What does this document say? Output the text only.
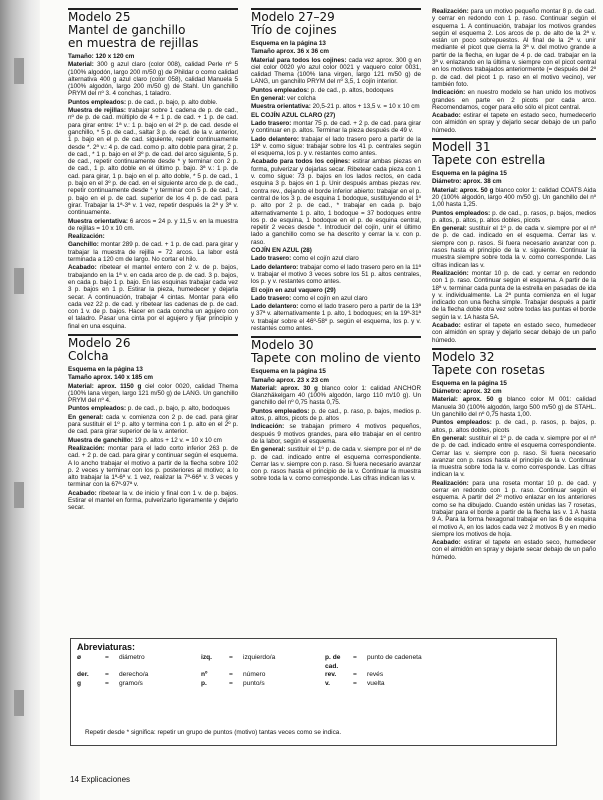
Modelo 25
Mantel de ganchillo
en muestra de rejillas

Tamaño: 120 x 120 cm

Material: 300 g azul claro (color 008), calidad Perle nº 5 (100% algodón, largo 200 m/50 g) de Phildar o como calidad alternativa 400 g azul claro (color 058), calidad Manuela 5 (100% algodón, largo 200 m/50 g) de Stahl. Un ganchillo PRYM del nº 3. 4 conchas, 1 taladro.

Puntos empleados: p. de cad., p. bajo, p. alto doble.

Muestra de rejillas: trabajar sobre 1 cadena de p. de cad., nº de p. de cad. múltiplo de 4 + 1 p. de cad. + 1 p. de cad. para girar entre: 1ª v.: 1 p. bajo en el 2º p. de cad. desde el ganchillo, * 5 p. de cad., saltar 3 p. de cad. de la v. anterior, 1 p. bajo en el p. de cad. siguiente, repetir continuamente desde *. 2ª v.: 4 p. de cad. como p. alto doble para girar, 2 p. de cad., * 1 p. bajo en el 3º p. de cad. del arco siguiente, 5 p. de cad., repetir continuamente desde * y terminar con 2 p. de cad., 1 p. alto doble en el último p. bajo. 3ª v.: 1 p. de cad. para girar, 1 p. bajo en el p. alto doble, * 5 p. de cad., 1 p. bajo en el 3º p. de cad. en el siguiente arco de p. de cad., repetir continuamente desde * y terminar con 5 p. de cad., 1 p. bajo en el p. de cad. superior de los 4 p. de cad. para girar. Trabajar la 1ª-3ª v. 1 vez, repetir después la 2ª y 3ª v. continuamente.

Muestra orientativa: 6 arcos = 24 p. y 11,5 v. en la muestra de rejillas = 10 x 10 cm.

Realización:

Ganchillo: montar 289 p. de cad. + 1 p. de cad. para girar y trabajar la muestra de rejilla = 72 arcos. La labor está terminada a 120 cm de largo. No cortar el hilo.

Acabado: ribetear el mantel entero con 2 v. de p. bajos, trabajando en la 1ª v. en cada arco de p. de cad. 3 p. bajos, en cada p. bajo 1 p. bajo. En las esquinas trabajar cada vez 3 p. bajos en 1 p. Estirar la pieza, humedecer y dejarla secar. A continuación, trabajar 4 cintas. Montar para ello cada vez 22 p. de cad. y ribetear las cadenas de p. de cad. con 1 v. de p. bajos. Hacer en cada concha un agujero con el taladro. Pasar una cinta por el agujero y fijar principio y final en una esquina.

Modelo 26
Colcha

Esquema en la página 13

Tamaño aprox. 140 x 185 cm

Material: aprox. 1150 g ciel color 0020, calidad Thema (100% lana virgen, largo 121 m/50 g) de LANG. Un ganchillo PRYM del nº 4.

Puntos empleados: p. de cad., p. bajo, p. alto, bodoques

En general: cada v. comienza con 2 p. de cad. para girar para sustituir el 1º p. alto y termina con 1 p. alto en el 2º p. de cad. para girar superior de la v. anterior.

Muestra de ganchillo: 19 p. altos + 12 v. = 10 x 10 cm

Realización: montar para el lado corto inferior 263 p. de cad. + 2 p. de cad. para girar y continuar según el esquema. A lo ancho trabajar el motivo a partir de la flecha sobre 102 p. 2 veces y terminar con los p. posteriores al motivo; a lo alto trabajar la 1ª-6ª v. 1 vez, realizar la 7ª-66ª v. 3 veces y terminar con la 67ª-97ª v.

Acabado: ribetear la v. de inicio y final con 1 v. de p. bajos. Estirar el mantel en forma, pulverizarlo ligeramente y dejarlo secar.

Modelo 27–29
Trío de cojines

Esquema en la página 13

Tamaño aprox. 36 x 36 cm

Material para todos los cojines: cada vez aprox. 300 g en ciel color 0020 y/o azul color 0021 y vaquero color 0031, calidad Thema (100% lana virgen, largo 121 m/50 g) de LANG, un ganchillo PRYM del nº 3,5, 1 cojín interior.

Puntos empleados: p. de cad., p. altos, bodoques

En general: ver colcha

Muestra orientativa: 20,5-21 p. altos + 13,5 v. = 10 x 10 cm

EL COJÍN AZUL CLARO (27)

Lado trasero: montar 75 p. de cad. + 2 p. de cad. para girar y continuar en p. altos. Terminar la pieza después de 49 v.

Lado delantero: trabajar el lado trasero pero a partir de la 13ª v. como sigue: trabajar sobre los 41 p. centrales según el esquema, los p. y v. restantes como antes.

Acabado para todos los cojines: estirar ambas piezas en forma, pulverizar y dejarlas secar. Ribetear cada pieza con 1 v. como sigue: 73 p. bajos en los lados rectos, en cada esquina 3 p. bajos en 1 p. Unir después ambas piezas rev. contra rev., dejando el borde inferior abierto: trabajar en el p. central de los 3 p. de esquina 1 bodoque, sustituyendo el 1º p. alto por 2 p. de cad., * trabajar en cada p. bajo alternativamente 1 p. alto, 1 bodoque = 37 bodoques entre los p. de esquina, 1 bodoque en el p. de esquina central, repetir 2 veces desde *. Introducir del cojín, unir el último lado a ganchillo como se ha descrito y cerrar la v. con p. raso.

COJÍN EN AZUL (28)

Lado trasero: como el cojín azul claro

Lado delantero: trabajar como el lado trasero pero en la 11ª v. trabajar el motivo 3 veces sobre los 51 p. altos centrales, los p. y v. restantes como antes.

El cojín en azul vaquero (29)

Lado trasero: como el cojín en azul claro

Lado delantero: como el lado trasero pero a partir de la 13ª y 37ª v. alternativamente 1 p. alto, 1 bodoques; en la 19ª-31ª v. trabajar sobre el 46º-58º p. según el esquema, los p. y v. restantes como antes.

Modelo 30
Tapete con molino de viento

Esquema en la página 15

Tamaño aprox. 23 x 23 cm

Material: aprox. 30 g blanco color 1: calidad ANCHOR Glanzhäkelgarn 40 (100% algodón, largo 110 m/10 g). Un ganchillo del nº 0,75 hasta 0,75.

Puntos empleados: p. de cad., p. raso, p. bajos, medios p. altos, p. altos, picots de p. altos

Indicación: se trabajan primero 4 motivos pequeños, después 9 motivos grandes, para ello trabajar en el centro de la labor, según el esquema.

En general: sustituir el 1º p. de cada v. siempre por el nº de p. de cad. indicado entre el esquema correspondiente. Cerrar las v. siempre con p. raso. Si fuera necesario avanzar con p. rasos hasta el principio de la v. Continuar la muestra sobre toda la v. como corresponde. Las cifras indican las v.

Realización: para un motivo pequeño montar 8 p. de cad. y cerrar en redondo con 1 p. raso. Continuar según el esquema 1. A continuación, trabajar los motivos grandes según el esquema 2. Los arcos de p. de alto de la 2ª v. están un poco sobrepuestos. Al final de la 2ª v. unir mediante el picot que cierra la 3ª v. del motivo grande a partir de la flecha, en lugar de 4 p. de cad. trabajar en la 3ª v. enlazando en la última v. siempre con el picot central en los motivos trabajados anteriormente (= después del 2º p. de cad. del picot 1 p. raso en el motivo vecino), ver también foto.

Indicación: en nuestro modelo se han unido los motivos grandes en parte en 2 picots por cada arco. Recomendamos, coger para ello sólo el picot central.

Acabado: estirar el tapete en estado seco, humedecerlo con almidón en spray y dejarlo secar debajo de un paño húmedo.

Modell 31
Tapete con estrella

Esquema en la página 15

Diámetro: aprox. 38 cm

Material: aprox. 50 g blanco color 1: calidad COATS Aida 20 (100% algodón, largo 400 m/50 g). Un ganchillo del nº 1,00 hasta 1,25.

Puntos empleados: p. de cad., p. rasos, p. bajos, medios p. altos, p. altos, p. altos dobles, picots

En general: sustituir el 1º p. de cada v. siempre por el nº de p. de cad. indicado en el esquema. Cerrar las v. siempre con p. rasos. Si fuera necesario avanzar con p. rasos hasta el principio de la v. siguiente. Continuar la muestra siempre sobre toda la v. como corresponde. Las cifras indican las v.

Realización: montar 10 p. de cad. y cerrar en redondo con 1 p. raso. Continuar según el esquema. A partir de la 18ª v. terminar cada punta de la estrella en pasadas de ida y v. individualmente. La 2ª punta comienza en el lugar indicado con una flecha simple. Trabajar después a partir de la flecha doble otra vez sobre todas las puntas el borde según la v. 1A hasta 5A.

Acabado: estirar el tapete en estado seco, humedecer con almidón en spray y dejarlo secar debajo de un paño húmedo.

Modelo 32
Tapete con rosetas

Esquema en la página 15

Diámetro: aprox. 32 cm

Material: aprox. 50 g blanco color M 001: calidad Manuela 30 (100% algodón, largo 500 m/50 g) de STAHL. Un ganchillo del nº 0,75 hasta 1,00.

Puntos empleados: p. de cad., p. rasos, p. bajos, p. altos, p. altos dobles, picots

En general: sustituir el 1º p. de cada v. siempre por el nº de p. de cad. indicado entre el esquema correspondiente. Cerrar las v. siempre con p. raso. Si fuera necesario avanzar con p. rasos hasta el principio de la v. Continuar la muestra sobre toda la v. como corresponde. Las cifras indican la v.

Realización: para una roseta montar 10 p. de cad. y cerrar en redondo con 1 p. raso. Continuar según el esquema. A partir del 2º motivo enlazar en los anteriores como se ha dibujado. Cuando estén unidas las 7 rosetas, trabajar para el borde a partir de la flecha las v. 1 A hasta 9 A. Para la forma hexagonal trabajar en las 6 de esquina el motivo A, en los lados cada vez 2 motivos B y en medio siempre los motivos de hoja.

Acabado: estirar el tapete en estado seco, humedecer con el almidón en spray y dejarle secar debajo de un paño húmedo.

Abreviaturas:
ø	=	diámetro	izq.	=	izquierdo/a	p. de cad.	=	punto de cadeneta
der.	=	derecho/a	nº	=	número	rev.	=	revés
g	=	gramo/s	p.	=	punto/s	v.	=	vuelta
Repetir desde * significa: repetir un grupo de puntos (motivo) tantas veces como se indica.
14 Explicaciones
